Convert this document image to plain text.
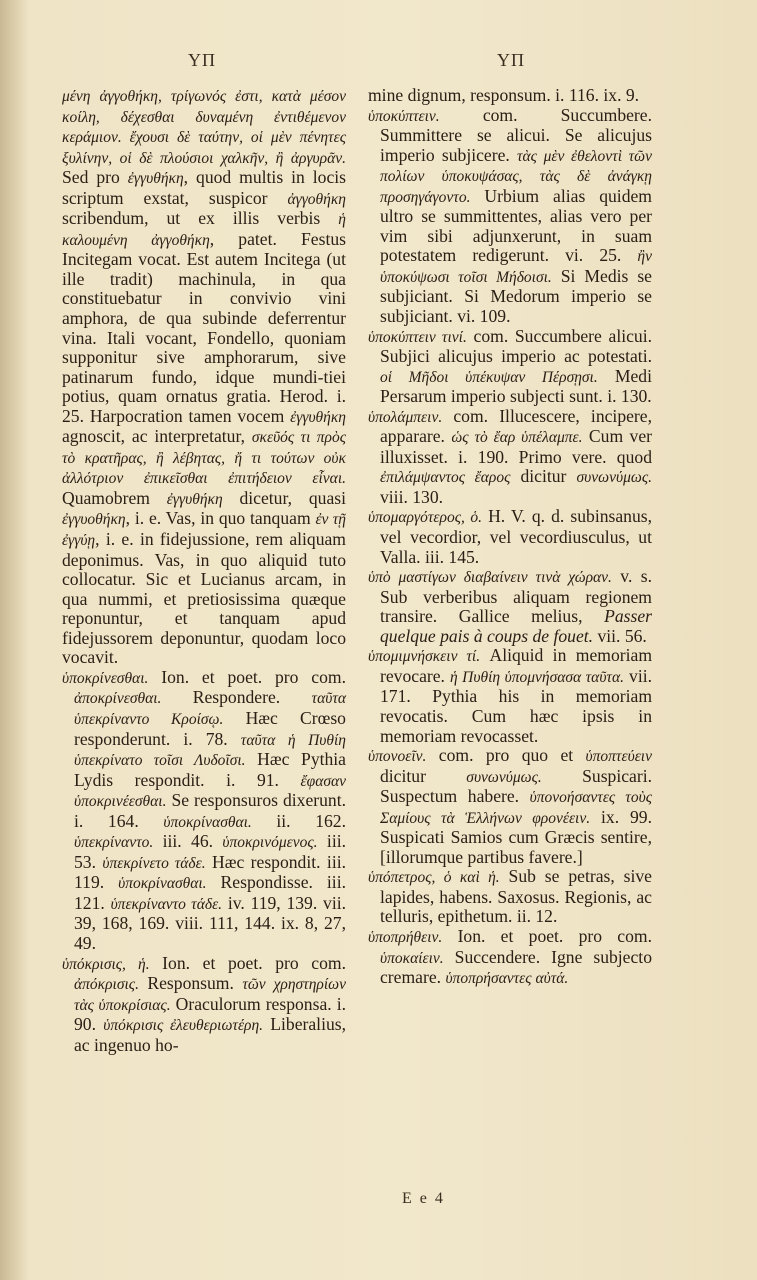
ΥΠ	ΥΠ

μένη ἀγγοθήκη, τρίγωνός ἐστι, κατὰ μέσον κοίλη, δέχεσθαι δυναμένη ἐντιθέμενον κεράμιον. ἔχουσι δὲ ταύτην, οἱ μὲν πένητες ξυλίνην, οἱ δὲ πλούσιοι χαλκῆν, ἢ ἀργυρᾶν. Sed pro ἐγγυθήκη, quod multis in locis scriptum exstat, suspicor ἀγγοθήκη scribendum, ut ex illis verbis ἡ καλουμένη ἀγγοθήκη, patet. Festus Incitegam vocat. Est autem Incitega (ut ille tradit) machinula, in qua constituebatur in convivio vini amphora, de qua subinde deferrentur vina. Itali vocant, Fondello, quoniam supponitur sive amphorarum, sive patinarum fundo, idque mundi-tiei potius, quam ornatus gratia. Herod. i. 25. Harpocration tamen vocem ἐγγυθήκη agnoscit, ac interpretatur, σκεῦός τι πρὸς τὸ κρατῆρας, ἢ λέβητας, ἤ τι τούτων οὐκ ἀλλότριον ἐπικεῖσθαι ἐπιτήδειον εἶναι. Quamobrem ἐγγυθήκη dicetur, quasi ἐγγυοθήκη, i. e. Vas, in quo tanquam ἐν τῇ ἐγγύῃ, i. e. in fidejussione, rem aliquam deponimus. Vas, in quo aliquid tuto collocatur. Sic et Lucianus arcam, in qua nummi, et pretiosissima quæque reponuntur, et tanquam apud fidejussorem deponuntur, quodam loco vocavit.

ὑποκρίνεσθαι. Ion. et poet. pro com. ἀποκρίνεσθαι. Respondere. ταῦτα ὑπεκρίναντο Κροίσῳ. Hæc Crœso responderunt. i. 78. ταῦτα ἡ Πυθίη ὑπεκρίνατο τοῖσι Λυδοῖσι. Hæc Pythia Lydis respondit. i. 91. ἔφασαν ὑποκρινέεσθαι. Se responsuros dixerunt. i. 164. ὑποκρίνασθαι. ii. 162. ὑπεκρίναντο. iii. 46. ὑποκρινόμενος. iii. 53. ὑπεκρίνετο τάδε. Hæc respondit. iii. 119. ὑποκρίνασθαι. Respondisse. iii. 121. ὑπεκρίναντο τάδε. iv. 119, 139. vii. 39, 168, 169. viii. 111, 144. ix. 8, 27, 49.

ὑπόκρισις, ἡ. Ion. et poet. pro com. ἀπόκρισις. Responsum. τῶν χρηστηρίων τὰς ὑποκρίσιας. Oraculorum responsa. i. 90. ὑπόκρισις ἐλευθεριωτέρη. Liberalius, ac ingenuo ho-

mine dignum, responsum. i. 116. ix. 9.

ὑποκύπτειν. com. Succumbere. Summittere se alicui. Se alicujus imperio subjicere. τὰς μὲν ἐθελοντὶ τῶν πολίων ὑποκυψάσας, τὰς δὲ ἀνάγκῃ προσηγάγοντο. Urbium alias quidem ultro se summittentes, alias vero per vim sibi adjunxerunt, in suam potestatem redigerunt. vi. 25. ἢν ὑποκύψωσι τοῖσι Μήδοισι. Si Medis se subjiciant. Si Medorum imperio se subjiciant. vi. 109.

ὑποκύπτειν τινί. com. Succumbere alicui. Subjici alicujus imperio ac potestati. οἱ Μῆδοι ὑπέκυψαν Πέρσῃσι. Medi Persarum imperio subjecti sunt. i. 130.

ὑπολάμπειν. com. Illucescere, incipere, apparare. ὡς τὸ ἔαρ ὑπέλαμπε. Cum ver illuxisset. i. 190. Primo vere. quod ἐπιλάμψαντος ἔαρος dicitur συνωνύμως. viii. 130.

ὑπομαργότερος, ὁ. H. V. q. d. subinsanus, vel vecordior, vel vecordiusculus, ut Valla. iii. 145.

ὑπὸ μαστίγων διαβαίνειν τινὰ χώραν. v. s. Sub verberibus aliquam regionem transire. Gallice melius, Passer quelque pais à coups de fouet. vii. 56.

ὑπομιμνήσκειν τί. Aliquid in memoriam revocare. ἡ Πυθίη ὑπομνήσασα ταῦτα. vii. 171. Pythia his in memoriam revocatis. Cum hæc ipsis in memoriam revocasset.

ὑπονοεῖν. com. pro quo et ὑποπτεύειν dicitur συνωνύμως. Suspicari. Suspectum habere. ὑπονοήσαντες τοὺς Σαμίους τὰ Ἑλλήνων φρονέειν. ix. 99. Suspicati Samios cum Græcis sentire, [illorumque partibus favere.]

ὑπόπετρος, ὁ καὶ ἡ. Sub se petras, sive lapides, habens. Saxosus. Regionis, ac telluris, epithetum. ii. 12.

ὑποπρήθειν. Ion. et poet. pro com. ὑποκαίειν. Succendere. Igne subjecto cremare. ὑποπρήσαντες αὐτά.

E e 4
